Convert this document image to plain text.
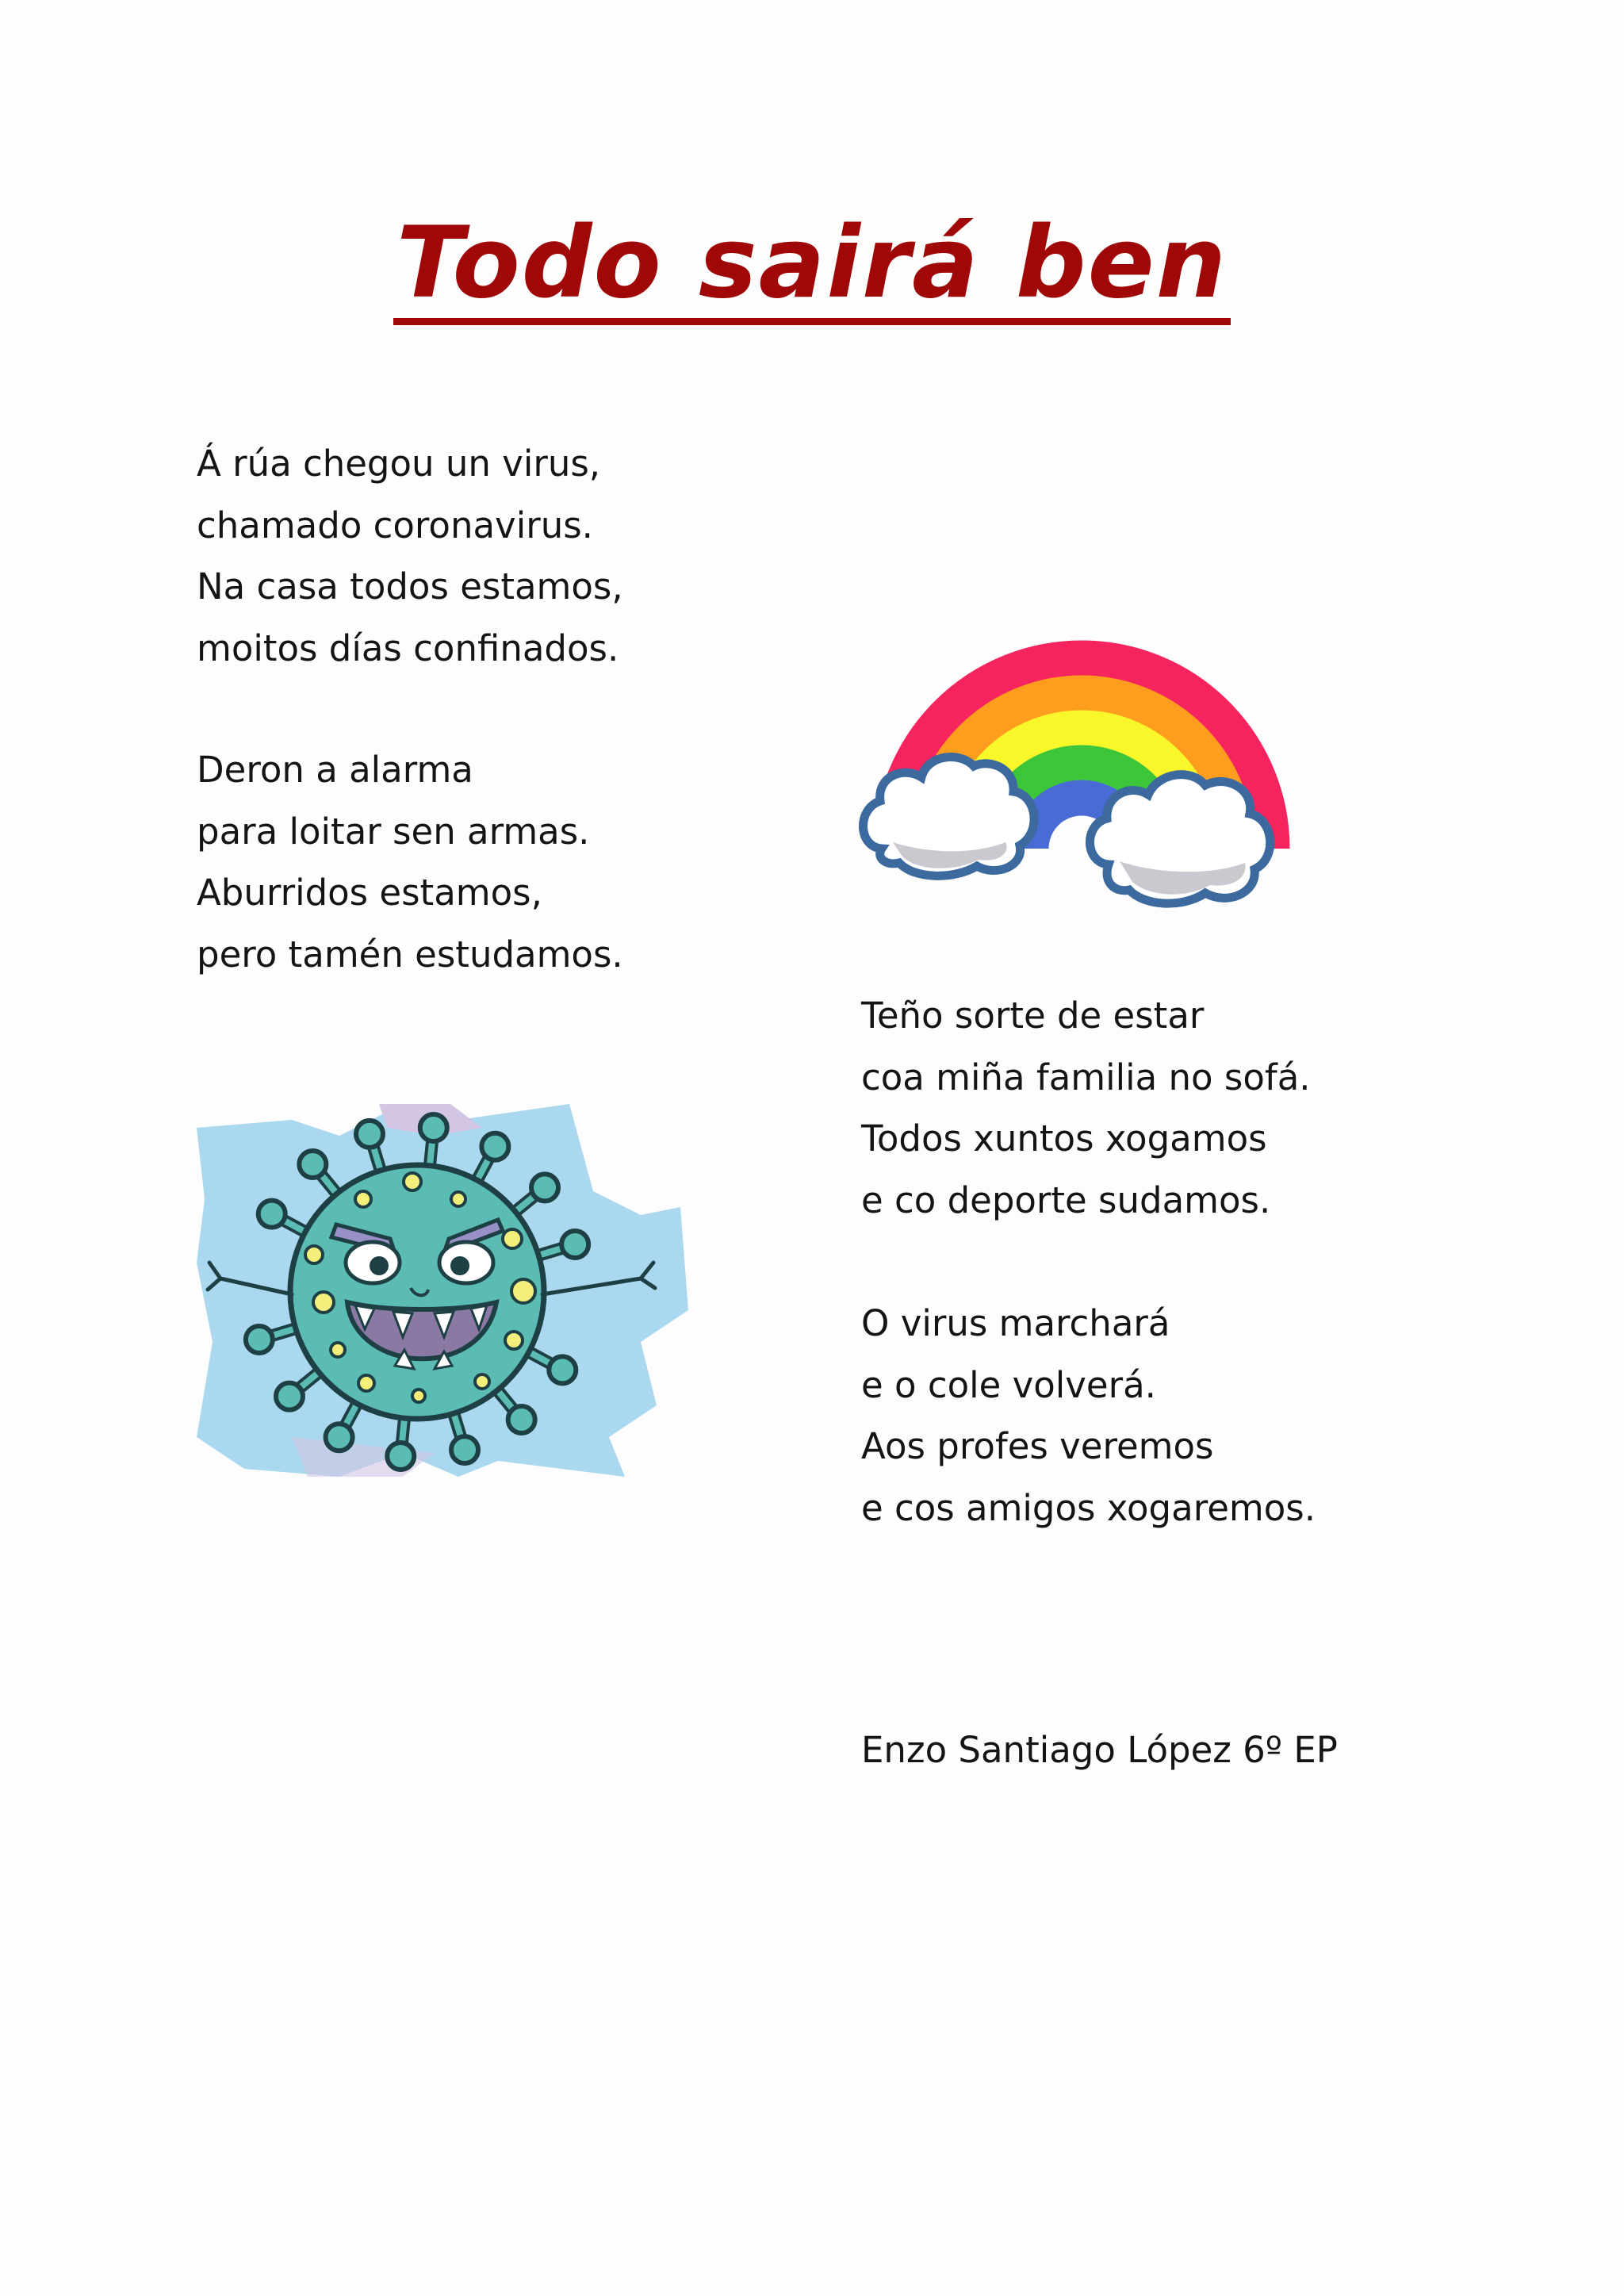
Todo sairá ben
Á rúa chegou un virus,
chamado coronavirus.
Na casa todos estamos,
moitos días confinados.
Deron a alarma
para loitar sen armas.
Aburridos estamos,
pero tamén estudamos.
Teño sorte de estar
coa miña familia no sofá.
Todos xuntos xogamos
e co deporte sudamos.
O virus marchará
e o cole volverá.
Aos profes veremos
e cos amigos xogaremos.
Enzo Santiago López 6º EP
